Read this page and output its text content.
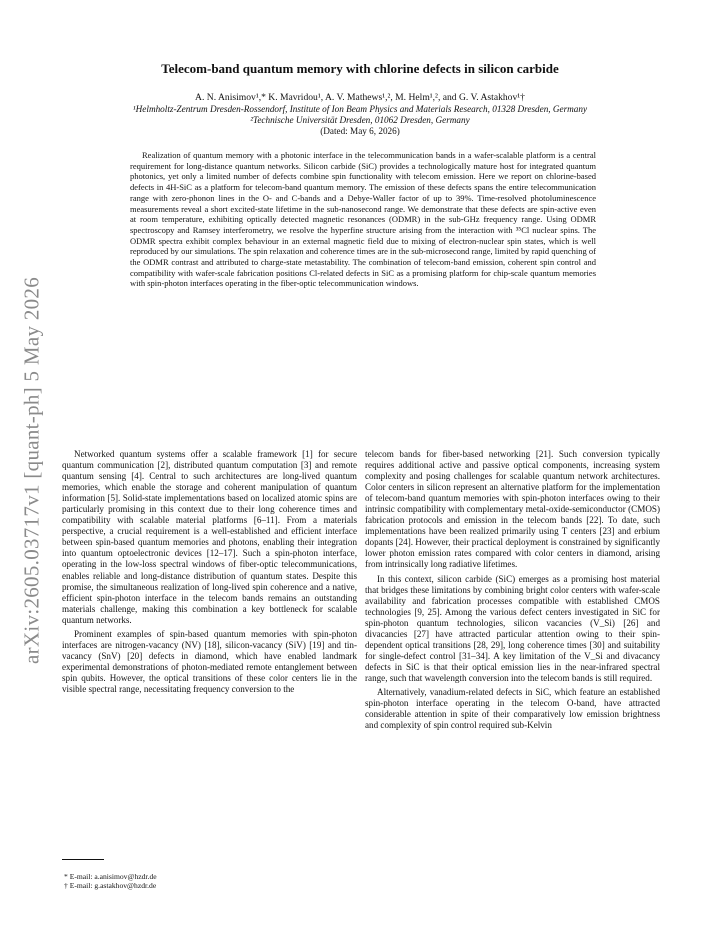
arXiv:2605.03717v1 [quant-ph] 5 May 2026
Telecom-band quantum memory with chlorine defects in silicon carbide
A. N. Anisimov¹,* K. Mavridou¹, A. V. Mathews¹,², M. Helm¹,², and G. V. Astakhov¹†
¹Helmholtz-Zentrum Dresden-Rossendorf, Institute of Ion Beam Physics and Materials Research, 01328 Dresden, Germany
²Technische Universität Dresden, 01062 Dresden, Germany
(Dated: May 6, 2026)

Realization of quantum memory with a photonic interface in the telecommunication bands in a wafer-scalable platform is a central requirement for long-distance quantum networks. Silicon carbide (SiC) provides a technologically mature host for integrated quantum photonics, yet only a limited number of defects combine spin functionality with telecom emission. Here we report on chlorine-based defects in 4H-SiC as a platform for telecom-band quantum memory. The emission of these defects spans the entire telecommunication range with zero-phonon lines in the O- and C-bands and a Debye-Waller factor of up to 39%. Time-resolved photoluminescence measurements reveal a short excited-state lifetime in the sub-nanosecond range. We demonstrate that these defects are spin-active even at room temperature, exhibiting optically detected magnetic resonances (ODMR) in the sub-GHz frequency range. Using ODMR spectroscopy and Ramsey interferometry, we resolve the hyperfine structure arising from the interaction with ³⁵Cl nuclear spins. The ODMR spectra exhibit complex behaviour in an external magnetic field due to mixing of electron-nuclear spin states, which is well reproduced by our simulations. The spin relaxation and coherence times are in the sub-microsecond range, limited by rapid quenching of the ODMR contrast and attributed to charge-state metastability. The combination of telecom-band emission, coherent spin control and compatibility with wafer-scale fabrication positions Cl-related defects in SiC as a promising platform for chip-scale quantum memories with spin-photon interfaces operating in the fiber-optic telecommunication windows.

Networked quantum systems offer a scalable framework [1] for secure quantum communication [2], distributed quantum computation [3] and remote quantum sensing [4]. Central to such architectures are long-lived quantum memories, which enable the storage and coherent manipulation of quantum information [5]. Solid-state implementations based on localized atomic spins are particularly promising in this context due to their long coherence times and compatibility with scalable material platforms [6–11]. From a materials perspective, a crucial requirement is a well-established and efficient interface between spin-based quantum memories and photons, enabling their integration into quantum optoelectronic devices [12–17]. Such a spin-photon interface, operating in the low-loss spectral windows of fiber-optic telecommunications, enables reliable and long-distance distribution of quantum states. Despite this promise, the simultaneous realization of long-lived spin coherence and a native, efficient spin-photon interface in the telecom bands remains an outstanding materials challenge, making this combination a key bottleneck for scalable quantum networks.

Prominent examples of spin-based quantum memories with spin-photon interfaces are nitrogen-vacancy (NV) [18], silicon-vacancy (SiV) [19] and tin-vacancy (SnV) [20] defects in diamond, which have enabled landmark experimental demonstrations of photon-mediated remote entanglement between spin qubits. However, the optical transitions of these color centers lie in the visible spectral range, necessitating frequency conversion to the

telecom bands for fiber-based networking [21]. Such conversion typically requires additional active and passive optical components, increasing system complexity and posing challenges for scalable quantum network architectures. Color centers in silicon represent an alternative platform for the implementation of telecom-band quantum memories with spin-photon interfaces owing to their intrinsic compatibility with complementary metal-oxide-semiconductor (CMOS) fabrication protocols and emission in the telecom bands [22]. To date, such implementations have been realized primarily using T centers [23] and erbium dopants [24]. However, their practical deployment is constrained by significantly lower photon emission rates compared with color centers in diamond, arising from intrinsically long radiative lifetimes.

In this context, silicon carbide (SiC) emerges as a promising host material that bridges these limitations by combining bright color centers with wafer-scale availability and fabrication processes compatible with established CMOS technologies [9, 25]. Among the various defect centers investigated in SiC for spin-photon quantum technologies, silicon vacancies (V_Si) [26] and divacancies [27] have attracted particular attention owing to their spin-dependent optical transitions [28, 29], long coherence times [30] and suitability for single-defect control [31–34]. A key limitation of the V_Si and divacancy defects in SiC is that their optical emission lies in the near-infrared spectral range, such that wavelength conversion into the telecom bands is still required.

Alternatively, vanadium-related defects in SiC, which feature an established spin-photon interface operating in the telecom O-band, have attracted considerable attention in spite of their comparatively low emission brightness and complexity of spin control required sub-Kelvin

* E-mail: a.anisimov@hzdr.de
† E-mail: g.astakhov@hzdr.de
